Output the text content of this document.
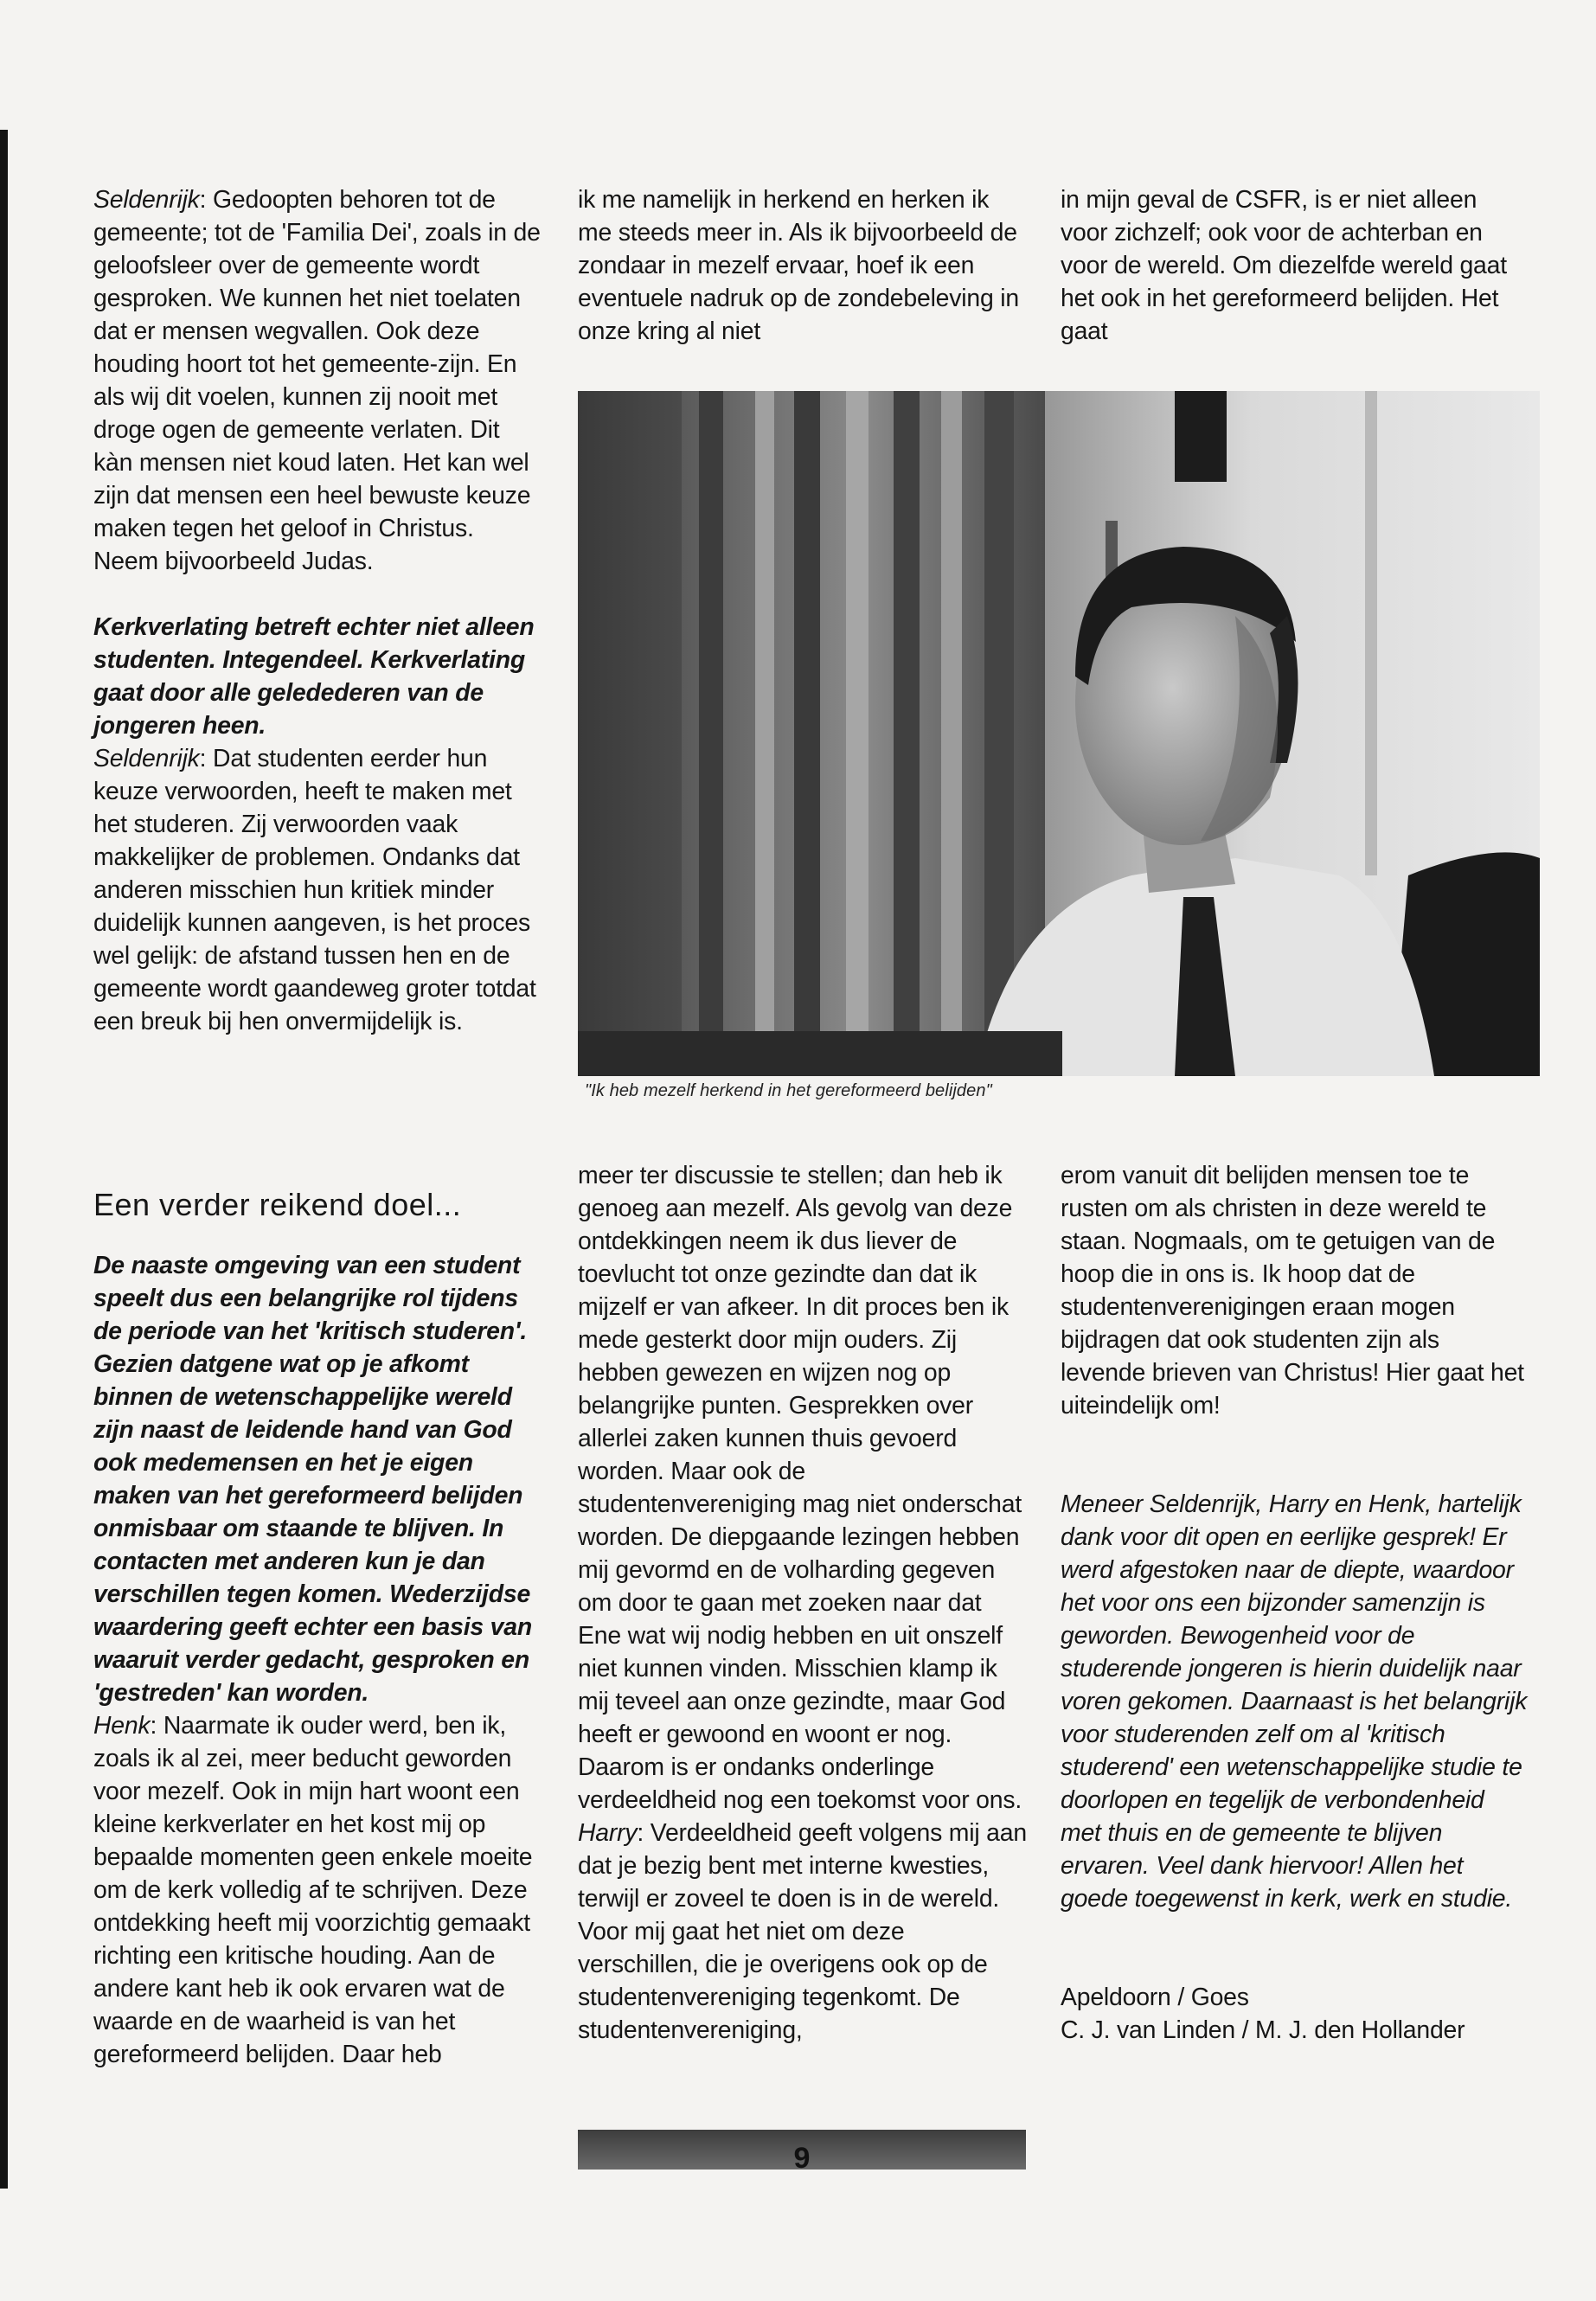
Seldenrijk: Gedoopten behoren tot de gemeente; tot de 'Familia Dei', zoals in de geloofsleer over de gemeente wordt gesproken. We kunnen het niet toelaten dat er mensen wegvallen. Ook deze houding hoort tot het gemeente-zijn. En als wij dit voelen, kunnen zij nooit met droge ogen de gemeente verlaten. Dit kàn mensen niet koud laten. Het kan wel zijn dat mensen een heel bewuste keuze maken tegen het geloof in Christus. Neem bijvoorbeeld Judas.

Kerkverlating betreft echter niet alleen studenten. Integendeel. Kerkverlating gaat door alle geledederen van de jongeren heen.

Seldenrijk: Dat studenten eerder hun keuze verwoorden, heeft te maken met het studeren. Zij verwoorden vaak makkelijker de problemen. Ondanks dat anderen misschien hun kritiek minder duidelijk kunnen aangeven, is het proces wel gelijk: de afstand tussen hen en de gemeente wordt gaandeweg groter totdat een breuk bij hen onvermijdelijk is.

Een verder reikend doel...

De naaste omgeving van een student speelt dus een belangrijke rol tijdens de periode van het 'kritisch studeren'. Gezien datgene wat op je afkomt binnen de wetenschappelijke wereld zijn naast de leidende hand van God ook medemensen en het je eigen maken van het gereformeerd belijden onmisbaar om staande te blijven. In contacten met anderen kun je dan verschillen tegen komen. Wederzijdse waardering geeft echter een basis van waaruit verder gedacht, gesproken en 'gestreden' kan worden.

Henk: Naarmate ik ouder werd, ben ik, zoals ik al zei, meer beducht geworden voor mezelf. Ook in mijn hart woont een kleine kerkverlater en het kost mij op bepaalde momenten geen enkele moeite om de kerk volledig af te schrijven. Deze ontdekking heeft mij voorzichtig gemaakt richting een kritische houding. Aan de andere kant heb ik ook ervaren wat de waarde en de waarheid is van het gereformeerd belijden. Daar heb

ik me namelijk in herkend en herken ik me steeds meer in. Als ik bijvoorbeeld de zondaar in mezelf ervaar, hoef ik een eventuele nadruk op de zondebeleving in onze kring al niet

meer ter discussie te stellen; dan heb ik genoeg aan mezelf. Als gevolg van deze ontdekkingen neem ik dus liever de toevlucht tot onze gezindte dan dat ik mijzelf er van afkeer. In dit proces ben ik mede gesterkt door mijn ouders. Zij hebben gewezen en wijzen nog op belangrijke punten. Gesprekken over allerlei zaken kunnen thuis gevoerd worden. Maar ook de studentenvereniging mag niet onderschat worden. De diepgaande lezingen hebben mij gevormd en de volharding gegeven om door te gaan met zoeken naar dat Ene wat wij nodig hebben en uit onszelf niet kunnen vinden. Misschien klamp ik mij teveel aan onze gezindte, maar God heeft er gewoond en woont er nog. Daarom is er ondanks onderlinge verdeeldheid nog een toekomst voor ons.

Harry: Verdeeldheid geeft volgens mij aan dat je bezig bent met interne kwesties, terwijl er zoveel te doen is in de wereld. Voor mij gaat het niet om deze verschillen, die je overigens ook op de studentenvereniging tegenkomt. De studentenvereniging,

in mijn geval de CSFR, is er niet alleen voor zichzelf; ook voor de achterban en voor de wereld. Om diezelfde wereld gaat het ook in het gereformeerd belijden. Het gaat

erom vanuit dit belijden mensen toe te rusten om als christen in deze wereld te staan. Nogmaals, om te getuigen van de hoop die in ons is. Ik hoop dat de studentenverenigingen eraan mogen bijdragen dat ook studenten zijn als levende brieven van Christus! Hier gaat het uiteindelijk om!

Meneer Seldenrijk, Harry en Henk, hartelijk dank voor dit open en eerlijke gesprek! Er werd afgestoken naar de diepte, waardoor het voor ons een bijzonder samenzijn is geworden. Bewogenheid voor de studerende jongeren is hierin duidelijk naar voren gekomen. Daarnaast is het belangrijk voor studerenden zelf om al 'kritisch studerend' een wetenschappelijke studie te doorlopen en tegelijk de verbondenheid met thuis en de gemeente te blijven ervaren. Veel dank hiervoor! Allen het goede toegewenst in kerk, werk en studie.

Apeldoorn / Goes

C. J. van Linden / M. J. den Hollander

"Ik heb mezelf herkend in het gereformeerd belijden"
9
